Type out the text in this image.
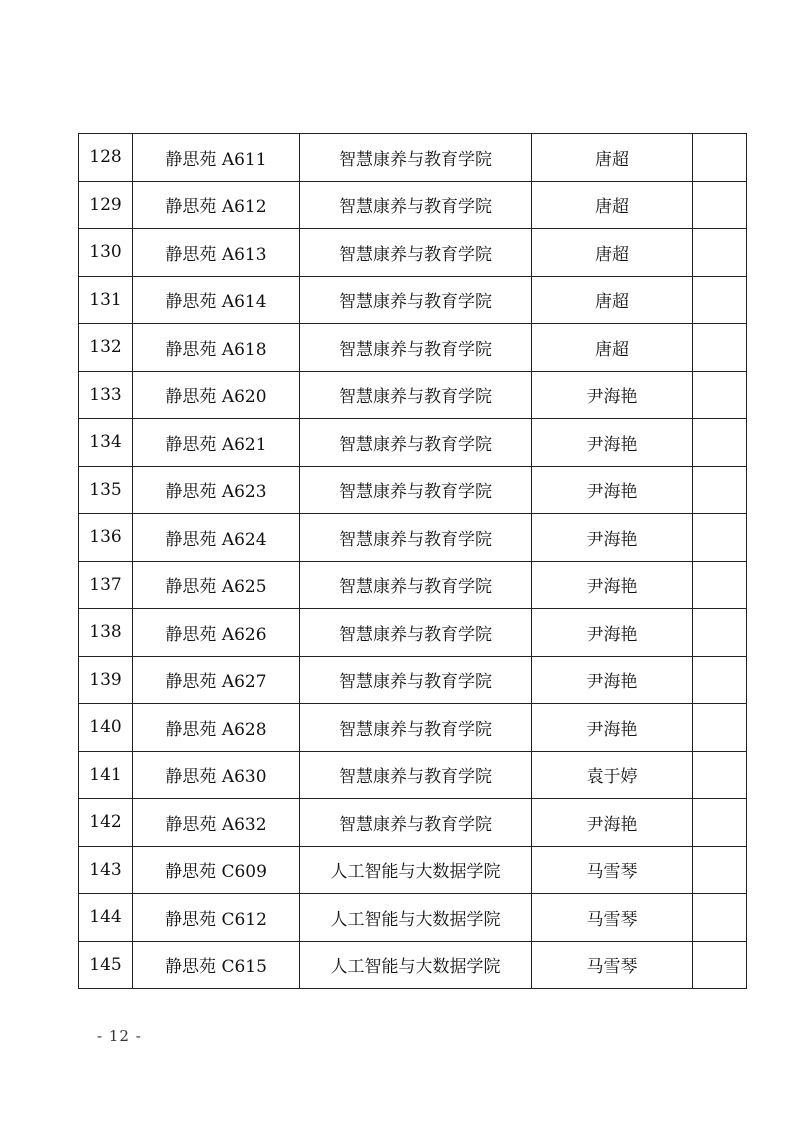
128	静思苑 A611	智慧康养与教育学院	唐超	
129	静思苑 A612	智慧康养与教育学院	唐超	
130	静思苑 A613	智慧康养与教育学院	唐超	
131	静思苑 A614	智慧康养与教育学院	唐超	
132	静思苑 A618	智慧康养与教育学院	唐超	
133	静思苑 A620	智慧康养与教育学院	尹海艳	
134	静思苑 A621	智慧康养与教育学院	尹海艳	
135	静思苑 A623	智慧康养与教育学院	尹海艳	
136	静思苑 A624	智慧康养与教育学院	尹海艳	
137	静思苑 A625	智慧康养与教育学院	尹海艳	
138	静思苑 A626	智慧康养与教育学院	尹海艳	
139	静思苑 A627	智慧康养与教育学院	尹海艳	
140	静思苑 A628	智慧康养与教育学院	尹海艳	
141	静思苑 A630	智慧康养与教育学院	袁于婷	
142	静思苑 A632	智慧康养与教育学院	尹海艳	
143	静思苑 C609	人工智能与大数据学院	马雪琴	
144	静思苑 C612	人工智能与大数据学院	马雪琴	
145	静思苑 C615	人工智能与大数据学院	马雪琴	
- 12 -
